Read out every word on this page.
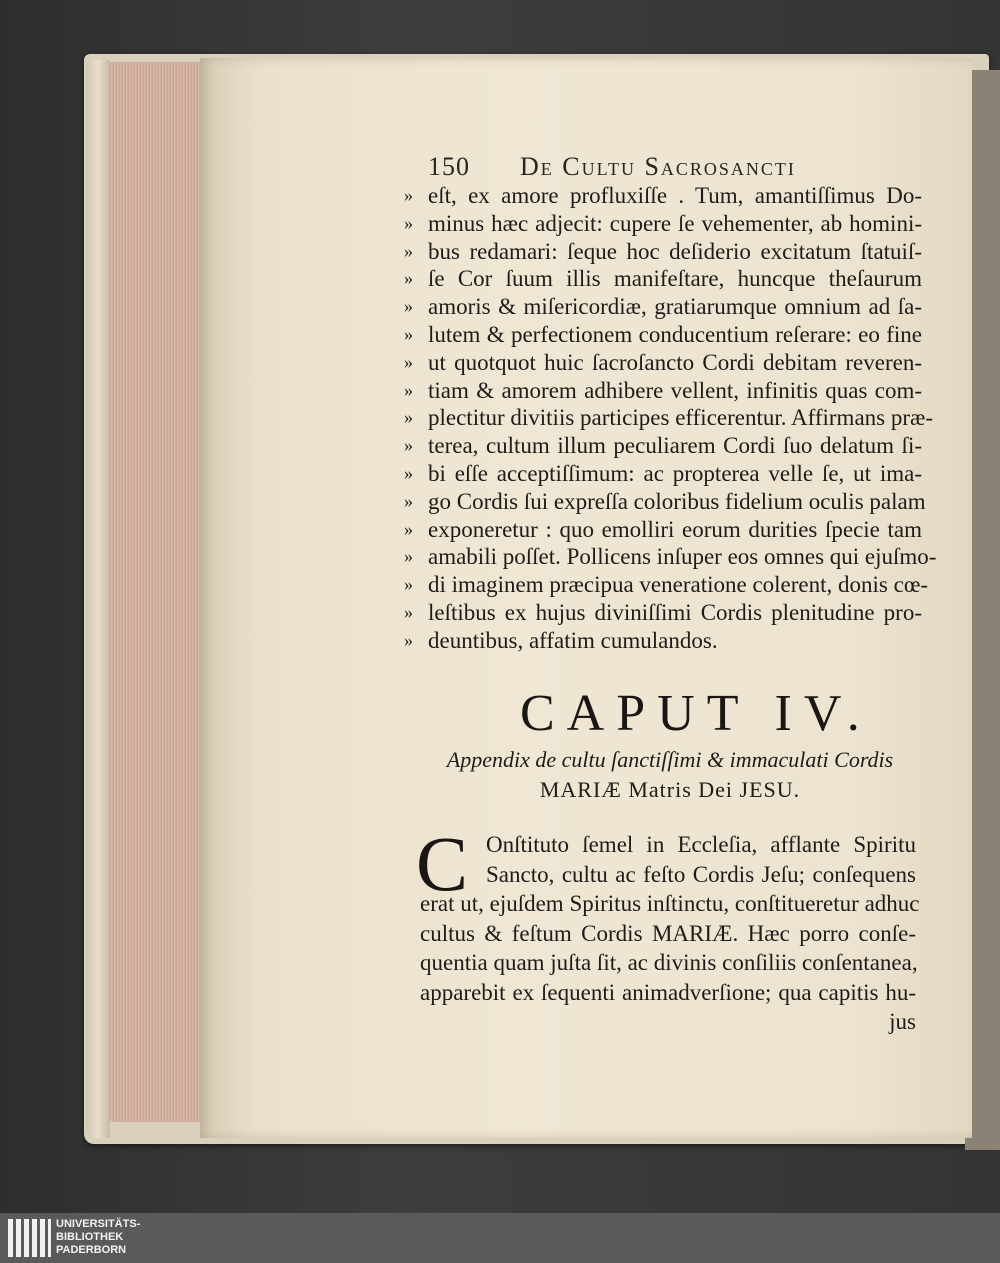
150 De Cultu Sacrosancti
» eſt, ex amore profluxiſſe . Tum, amantiſſimus Do-
» minus hæc adjecit: cupere ſe vehementer, ab homini-
» bus redamari: ſeque hoc deſiderio excitatum ſtatuiſ-
» ſe Cor ſuum illis manifeſtare, huncque theſaurum
» amoris & miſericordiæ, gratiarumque omnium ad ſa-
» lutem & perfectionem conducentium reſerare: eo fine
» ut quotquot huic ſacroſancto Cordi debitam reveren-
» tiam & amorem adhibere vellent, infinitis quas com-
» plectitur divitiis participes efficerentur. Affirmans præ-
» terea, cultum illum peculiarem Cordi ſuo delatum ſi-
» bi eſſe acceptiſſimum: ac propterea velle ſe, ut ima-
» go Cordis ſui expreſſa coloribus fidelium oculis palam
» exponeretur : quo emolliri eorum durities ſpecie tam
» amabili poſſet. Pollicens inſuper eos omnes qui ejuſmo-
» di imaginem præcipua veneratione colerent, donis cœ-
» leſtibus ex hujus diviniſſimi Cordis plenitudine pro-
» deuntibus, affatim cumulandos.
CAPUT IV.
Appendix de cultu ſanctiſſimi & immaculati Cordis
MARIÆ Matris Dei JESU.
C Onſtituto ſemel in Eccleſia, afflante Spiritu
Sancto, cultu ac feſto Cordis Jeſu; conſequens
erat ut, ejuſdem Spiritus inſtinctu, conſtitueretur adhuc
cultus & feſtum Cordis MARIÆ. Hæc porro conſe-
quentia quam juſta ſit, ac divinis conſiliis conſentanea,
apparebit ex ſequenti animadverſione; qua capitis hu-
jus
UNIVERSITÄTS-
BIBLIOTHEK
PADERBORN
